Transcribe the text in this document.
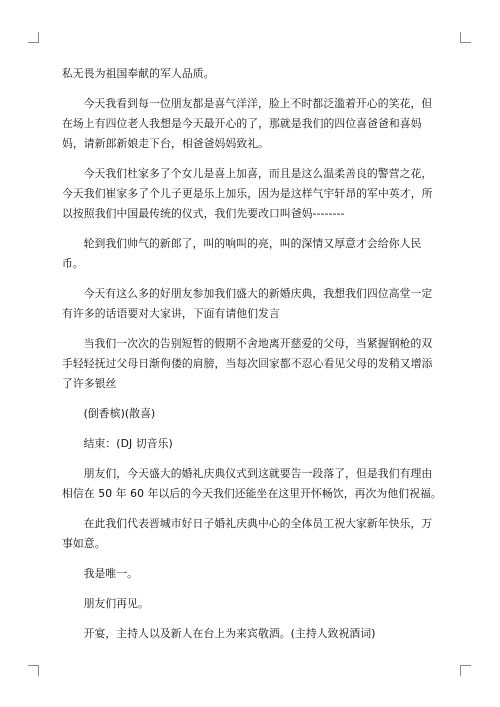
私无畏为祖国奉献的军人品质。

今天我看到每一位朋友都是喜气洋洋，脸上不时都泛滥着开心的笑花，但在场上有四位老人我想是今天最开心的了，那就是我们的四位喜爸爸和喜妈妈，请新郎新娘走下台，相爸爸妈妈致礼。

今天我们杜家多了个女儿是喜上加喜，而且是这么温柔善良的警营之花，今天我们崔家多了个儿子更是乐上加乐，因为是这样气宇轩昂的军中英才，所以按照我们中国最传统的仪式，我们先要改口叫爸妈--------

轮到我们帅气的新郎了，叫的响叫的亮，叫的深情又厚意才会给你人民币。

今天有这么多的好朋友参加我们盛大的新婚庆典，我想我们四位高堂一定有许多的话语要对大家讲，下面有请他们发言

当我们一次次的告别短暂的假期不舍地离开慈爱的父母，当紧握钢枪的双手轻轻抚过父母日渐佝偻的肩膀，当每次回家都不忍心看见父母的发稍又增添了许多银丝

(倒香槟)(散喜)

结束：(DJ 切音乐)

朋友们，今天盛大的婚礼庆典仪式到这就要告一段落了，但是我们有理由相信在 50 年 60 年以后的今天我们还能坐在这里开怀畅饮，再次为他们祝福。

在此我们代表晋城市好日子婚礼庆典中心的全体员工祝大家新年快乐，万事如意。

我是唯一。

朋友们再见。

开宴，主持人以及新人在台上为来宾敬酒。(主持人致祝酒词)
